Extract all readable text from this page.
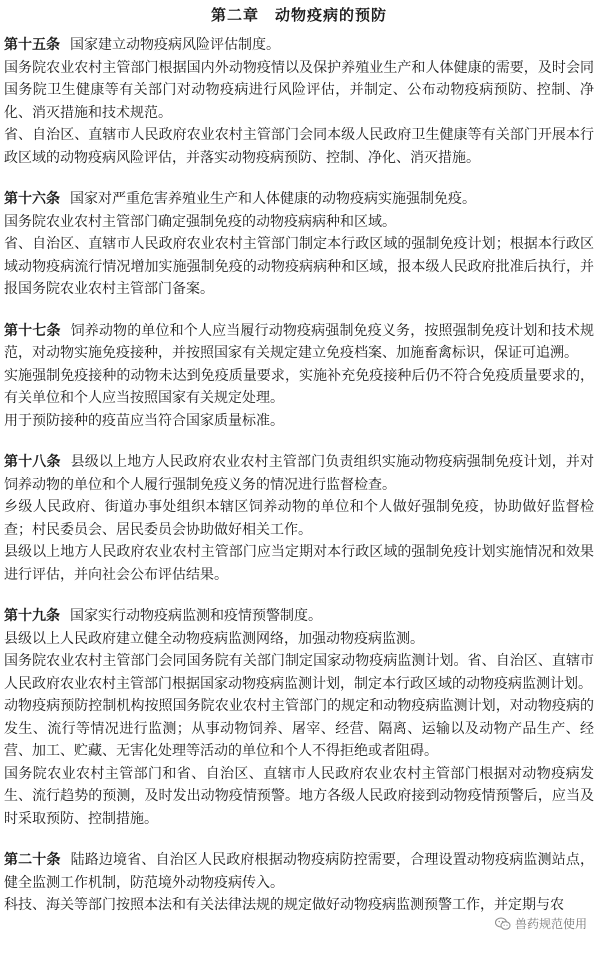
第二章　动物疫病的预防

第十五条 国家建立动物疫病风险评估制度。

国务院农业农村主管部门根据国内外动物疫情以及保护养殖业生产和人体健康的需要，及时会同国务院卫生健康等有关部门对动物疫病进行风险评估，并制定、公布动物疫病预防、控制、净化、消灭措施和技术规范。

省、自治区、直辖市人民政府农业农村主管部门会同本级人民政府卫生健康等有关部门开展本行政区域的动物疫病风险评估，并落实动物疫病预防、控制、净化、消灭措施。

第十六条 国家对严重危害养殖业生产和人体健康的动物疫病实施强制免疫。

国务院农业农村主管部门确定强制免疫的动物疫病病种和区域。

省、自治区、直辖市人民政府农业农村主管部门制定本行政区域的强制免疫计划；根据本行政区域动物疫病流行情况增加实施强制免疫的动物疫病病种和区域，报本级人民政府批准后执行，并报国务院农业农村主管部门备案。

第十七条 饲养动物的单位和个人应当履行动物疫病强制免疫义务，按照强制免疫计划和技术规范，对动物实施免疫接种，并按照国家有关规定建立免疫档案、加施畜禽标识，保证可追溯。

实施强制免疫接种的动物未达到免疫质量要求，实施补充免疫接种后仍不符合免疫质量要求的，有关单位和个人应当按照国家有关规定处理。

用于预防接种的疫苗应当符合国家质量标准。

第十八条 县级以上地方人民政府农业农村主管部门负责组织实施动物疫病强制免疫计划，并对饲养动物的单位和个人履行强制免疫义务的情况进行监督检查。

乡级人民政府、街道办事处组织本辖区饲养动物的单位和个人做好强制免疫，协助做好监督检查；村民委员会、居民委员会协助做好相关工作。

县级以上地方人民政府农业农村主管部门应当定期对本行政区域的强制免疫计划实施情况和效果进行评估，并向社会公布评估结果。

第十九条 国家实行动物疫病监测和疫情预警制度。

县级以上人民政府建立健全动物疫病监测网络，加强动物疫病监测。

国务院农业农村主管部门会同国务院有关部门制定国家动物疫病监测计划。省、自治区、直辖市人民政府农业农村主管部门根据国家动物疫病监测计划，制定本行政区域的动物疫病监测计划。

动物疫病预防控制机构按照国务院农业农村主管部门的规定和动物疫病监测计划，对动物疫病的发生、流行等情况进行监测；从事动物饲养、屠宰、经营、隔离、运输以及动物产品生产、经营、加工、贮藏、无害化处理等活动的单位和个人不得拒绝或者阻碍。

国务院农业农村主管部门和省、自治区、直辖市人民政府农业农村主管部门根据对动物疫病发生、流行趋势的预测，及时发出动物疫情预警。地方各级人民政府接到动物疫情预警后，应当及时采取预防、控制措施。

第二十条 陆路边境省、自治区人民政府根据动物疫病防控需要，合理设置动物疫病监测站点，健全监测工作机制，防范境外动物疫病传入。

科技、海关等部门按照本法和有关法律法规的规定做好动物疫病监测预警工作，并定期与农

兽药规范使用
